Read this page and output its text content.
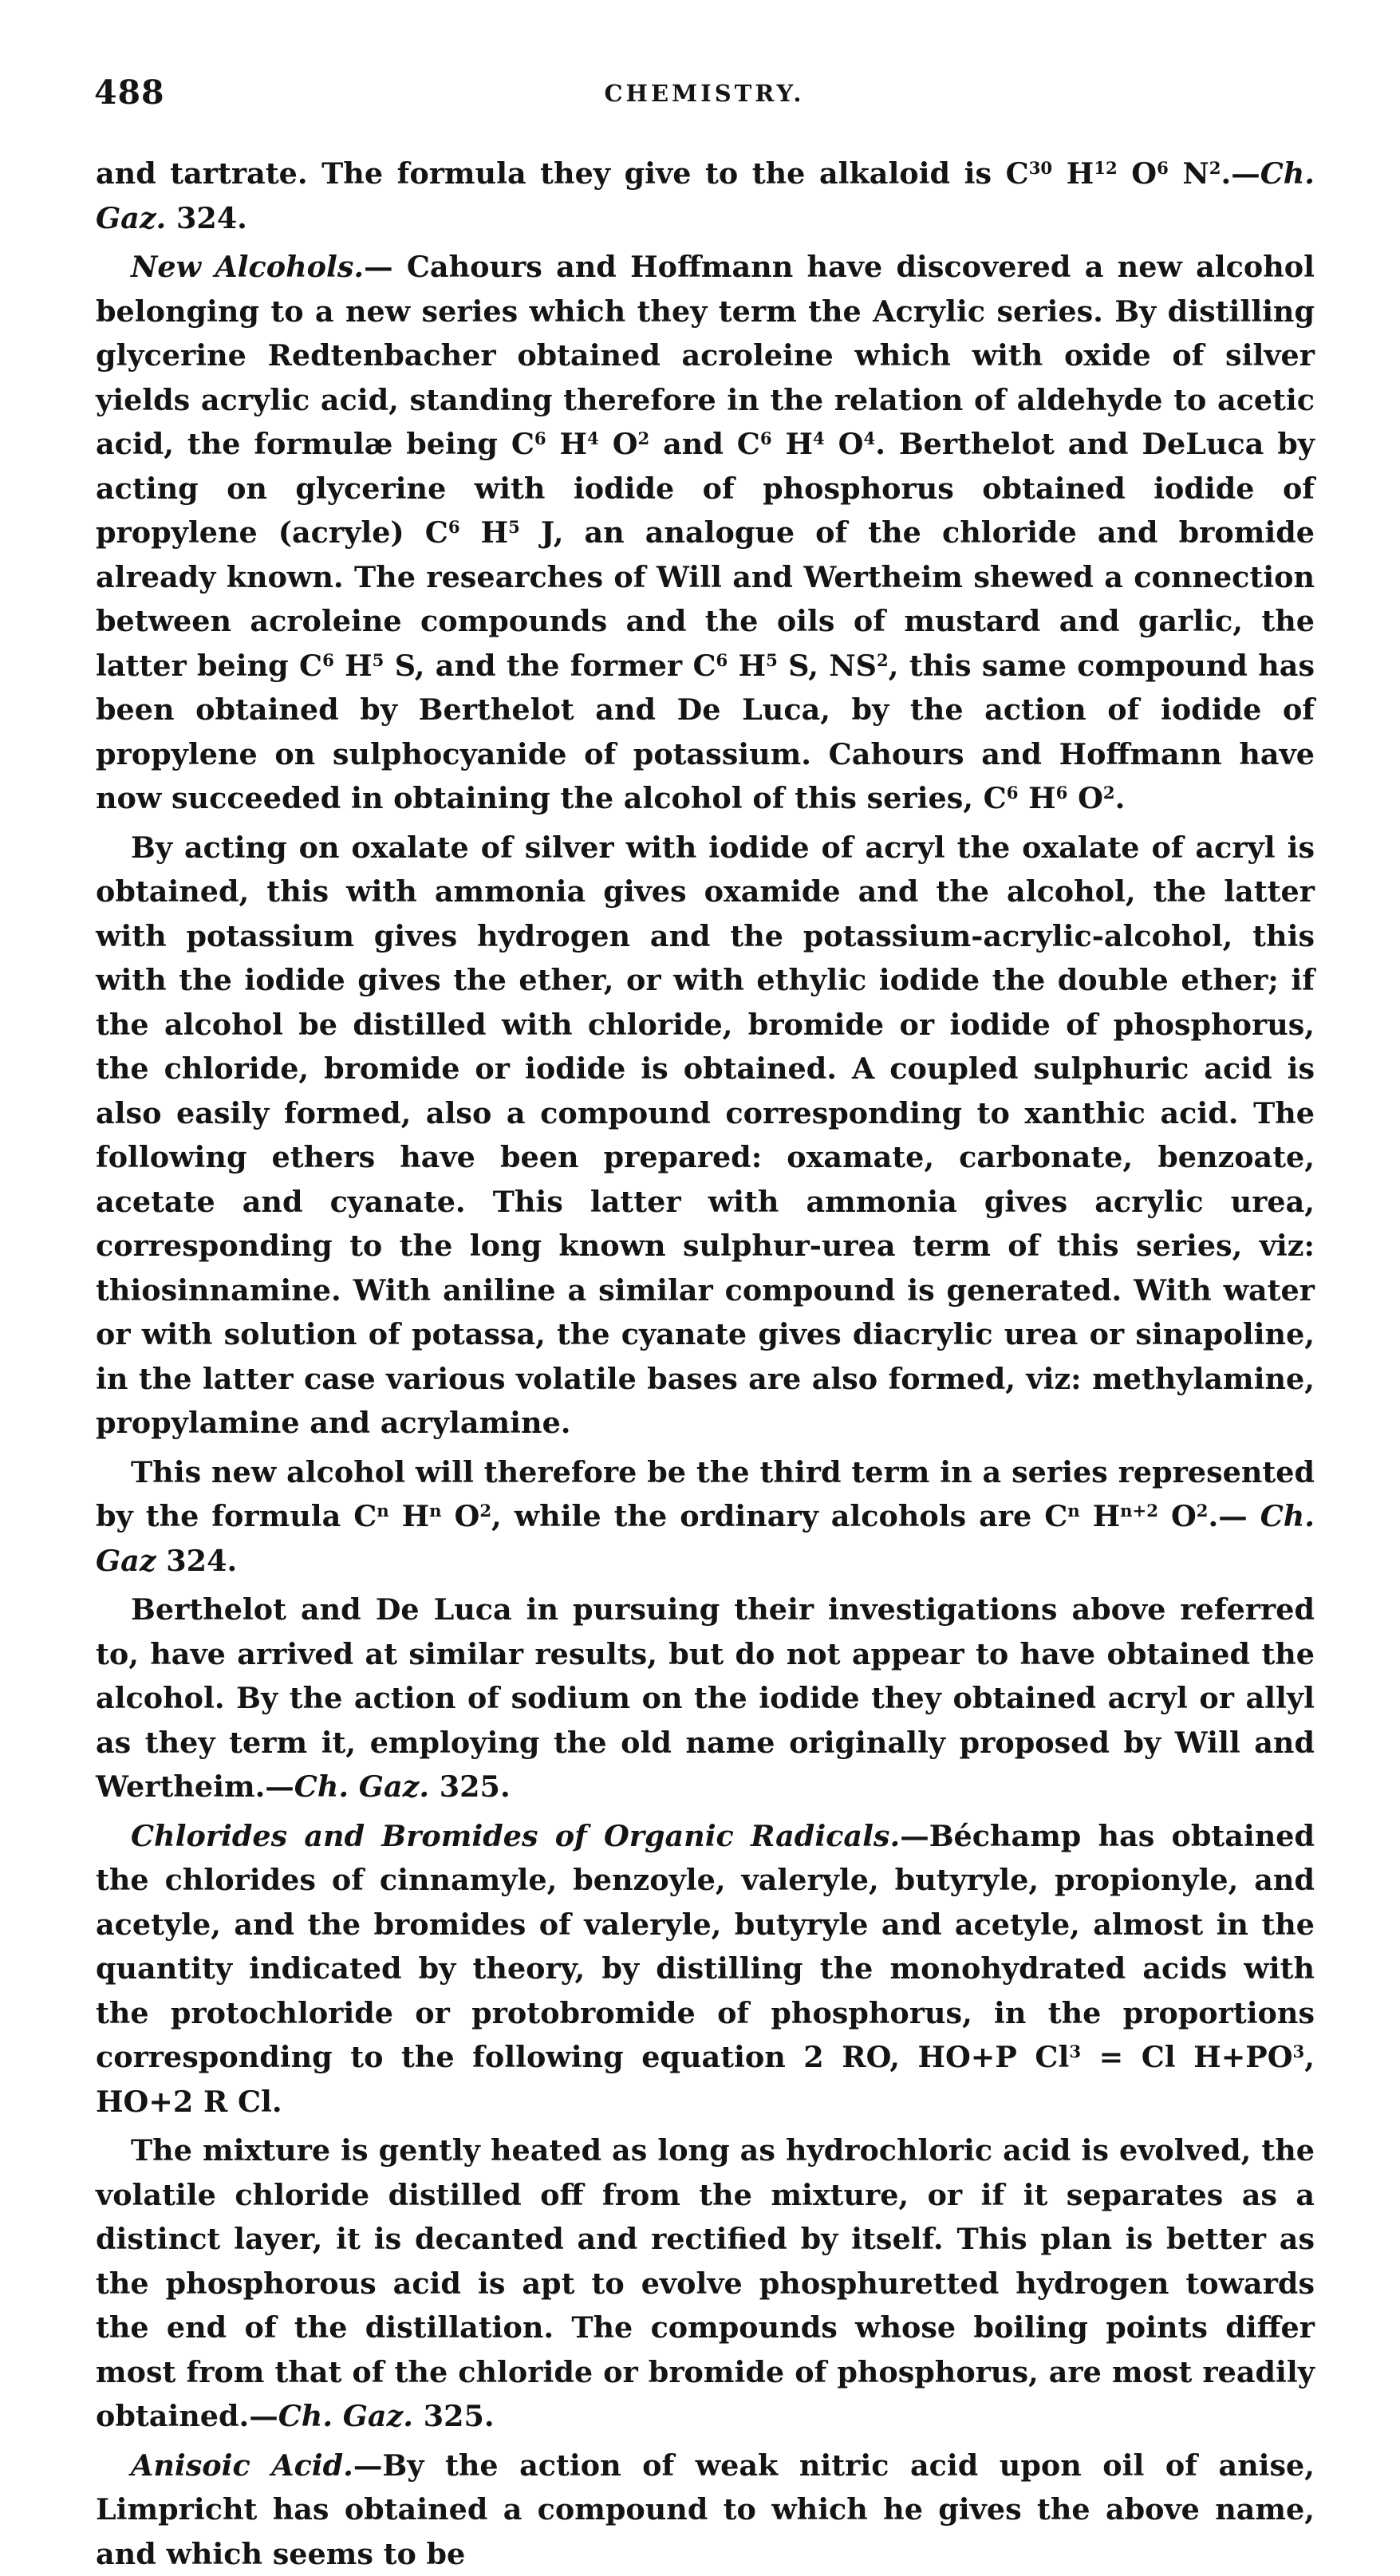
488	CHEMISTRY.

and tartrate. The formula they give to the alkaloid is $C^{30}$ $H^{12}$ $O^6$ $N^2.—Ch$. Gaz. 324.

New Alcohols.— Cahours and Hoffmann have discovered a new alcohol belonging to a new series which they term the Acrylic series. By distilling glycerine Redtenbacher obtained acroleine which with oxide of silver yields acrylic acid, standing therefore in the relation of aldehyde to acetic acid, the formulæ being $C^6$ $H^4$ $O^2$ and $C^6$ $H^4$ $O^4$. Berthelot and DeLuca by acting on glycerine with iodide of phosphorus obtained iodide of propylene (acryle) $C^6$ $H^5$ J, an analogue of the chloride and bromide already known. The researches of Will and Wertheim shewed a connection between acroleine compounds and the oils of mustard and garlic, the latter being $C^6$ $H^5$ S, and the former $C^6$ $H^5$ S, $NS^2$, this same compound has been obtained by Berthelot and De Luca, by the action of iodide of propylene on sulphocyanide of potassium. Cahours and Hoffmann have now succeeded in obtaining the alcohol of this series, $C^6$ $H^6$ $O^2$.

By acting on oxalate of silver with iodide of acryl the oxalate of acryl is obtained, this with ammonia gives oxamide and the alcohol, the latter with potassium gives hydrogen and the potassium-acrylic-alcohol, this with the iodide gives the ether, or with ethylic iodide the double ether; if the alcohol be distilled with chloride, bromide or iodide of phosphorus, the chloride, bromide or iodide is obtained. A coupled sulphuric acid is also easily formed, also a compound corresponding to xanthic acid. The following ethers have been prepared: oxamate, carbonate, benzoate, acetate and cyanate. This latter with ammonia gives acrylic urea, corresponding to the long known sulphur-urea term of this series, viz: thiosinnamine. With aniline a similar compound is generated. With water or with solution of potassa, the cyanate gives diacrylic urea or sinapoline, in the latter case various volatile bases are also formed, viz: methylamine, propylamine and acrylamine.

This new alcohol will therefore be the third term in a series represented by the formula $C^n$ $H^n$ $O^2$, while the ordinary alcohols are $C^n$ $H^{n+2}$ $O^2.—$ Ch. Gaz 324.

Berthelot and De Luca in pursuing their investigations above referred to, have arrived at similar results, but do not appear to have obtained the alcohol. By the action of sodium on the iodide they obtained acryl or allyl as they term it, employing the old name originally proposed by Will and Wertheim.—Ch. Gaz. 325.

Chlorides and Bromides of Organic Radicals.—Béchamp has obtained the chlorides of cinnamyle, benzoyle, valeryle, butyryle, propionyle, and acetyle, and the bromides of valeryle, butyryle and acetyle, almost in the quantity indicated by theory, by distilling the monohydrated acids with the protochloride or protobromide of phosphorus, in the proportions corresponding to the following equation 2 RO, HO+P $Cl^3 = Cl$ $H+PO^3$, HO+2 R Cl.

The mixture is gently heated as long as hydrochloric acid is evolved, the volatile chloride distilled off from the mixture, or if it separates as a distinct layer, it is decanted and rectified by itself. This plan is better as the phosphorous acid is apt to evolve phosphuretted hydrogen towards the end of the distillation. The compounds whose boiling points differ most from that of the chloride or bromide of phosphorus, are most readily obtained.—Ch. Gaz. 325.

Anisoic Acid.—By the action of weak nitric acid upon oil of anise, Limpricht has obtained a compound to which he gives the above name, and which seems to be
